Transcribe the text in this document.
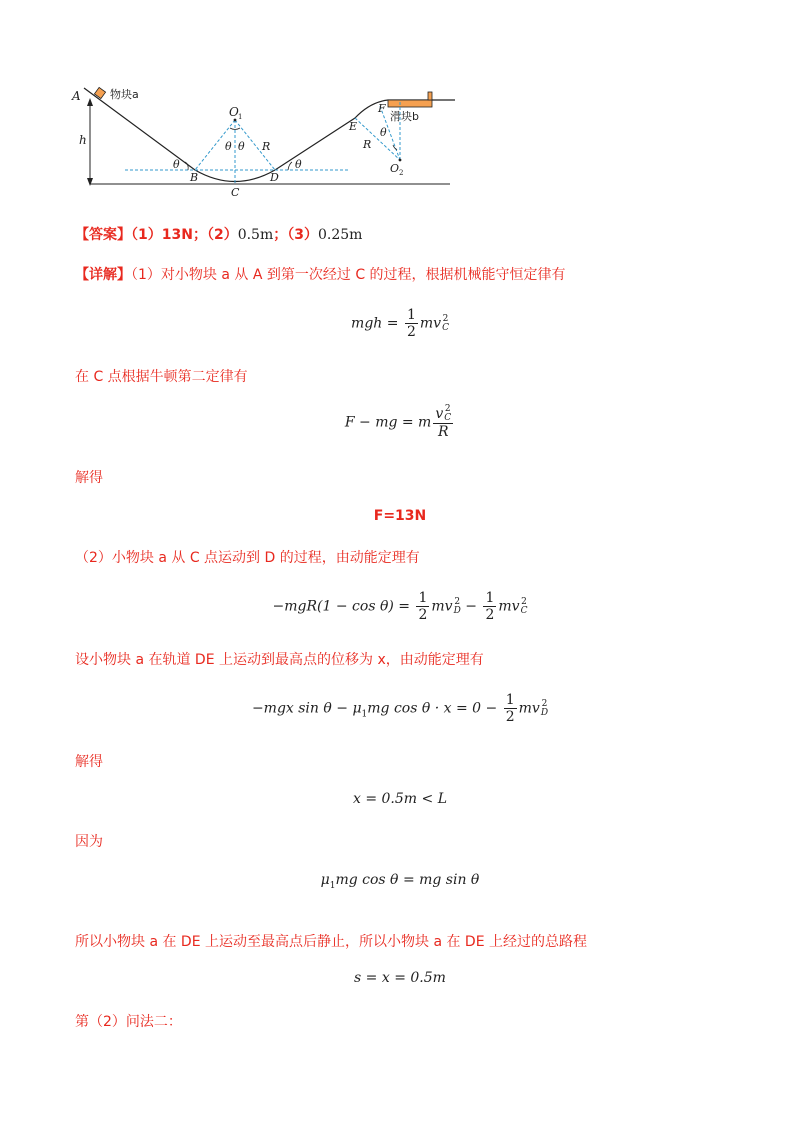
A	物块a
O 1
h
θ
θ θ R
B
C
D
θ
E
F
滑块b
θ
R
O 2
【答案】（1）13N；（2）0.5m；（3）0.25m
【详解】（1）对小物块 a 从 A 到第一次经过 C 的过程，根据机械能守恒定律有
mgh = $\frac{1}{2}$ mv 2
C
在 C 点根据牛顿第二定律有
F − mg = m v 2
C
R
解得
F=13N
（2）小物块 a 从 C 点运动到 D 的过程，由动能定理有
$-mgR(1 - \cos \theta) = \frac{1}{2}$ mv 2
$D - \frac{1}{2}$ mv 2
C
设小物块 a 在轨道 DE 上运动到最高点的位移为 x，由动能定理有
−mgx $\sin \theta - \mu_1mg$ $\cos \theta \cdot x = 0 - \frac{1}{2}$ mv 2
D
解得
x = 0.5m < L
因为
$\mu_1mg$ cos θ = mg sin θ
所以小物块 a 在 DE 上运动至最高点后静止，所以小物块 a 在 DE 上经过的总路程
s = x = 0.5m
第（2）问法二：
